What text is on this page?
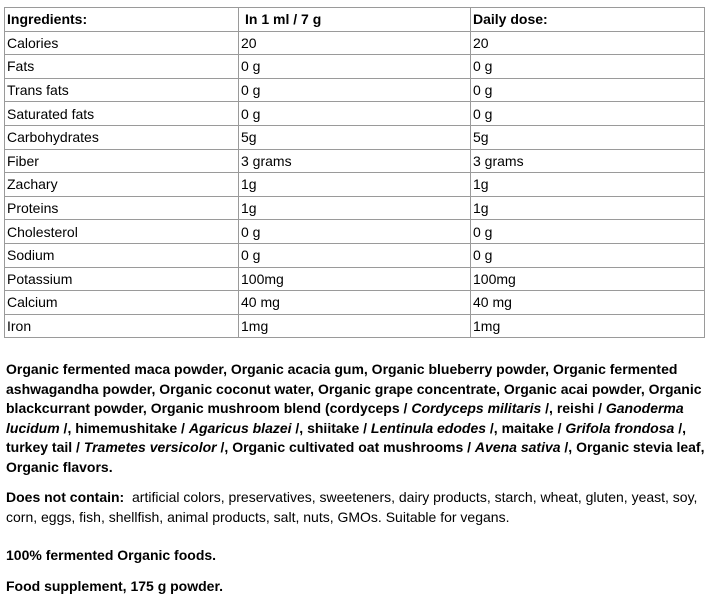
Ingredients:	In 1 ml / 7 g	Daily dose:
Calories	20	20
Fats	0 g	0 g
Trans fats	0 g	0 g
Saturated fats	0 g	0 g
Carbohydrates	5g	5g
Fiber	3 grams	3 grams
Zachary	1g	1g
Proteins	1g	1g
Cholesterol	0 g	0 g
Sodium	0 g	0 g
Potassium	100mg	100mg
Calcium	40 mg	40 mg
Iron	1mg	1mg

Organic fermented maca powder, Organic acacia gum, Organic blueberry powder, Organic fermented ashwagandha powder, Organic coconut water, Organic grape concentrate, Organic acai powder, Organic blackcurrant powder, Organic mushroom blend (cordyceps / Cordyceps militaris /, reishi / Ganoderma lucidum /, himemushitake / Agaricus blazei /, shiitake / Lentinula edodes /, maitake / Grifola frondosa /, turkey tail / Trametes versicolor /, Organic cultivated oat mushrooms / Avena sativa /, Organic stevia leaf, Organic flavors.

Does not contain:  artificial colors, preservatives, sweeteners, dairy products, starch, wheat, gluten, yeast, soy, corn, eggs, fish, shellfish, animal products, salt, nuts, GMOs. Suitable for vegans.

100% fermented Organic foods.

Food supplement, 175 g powder.
